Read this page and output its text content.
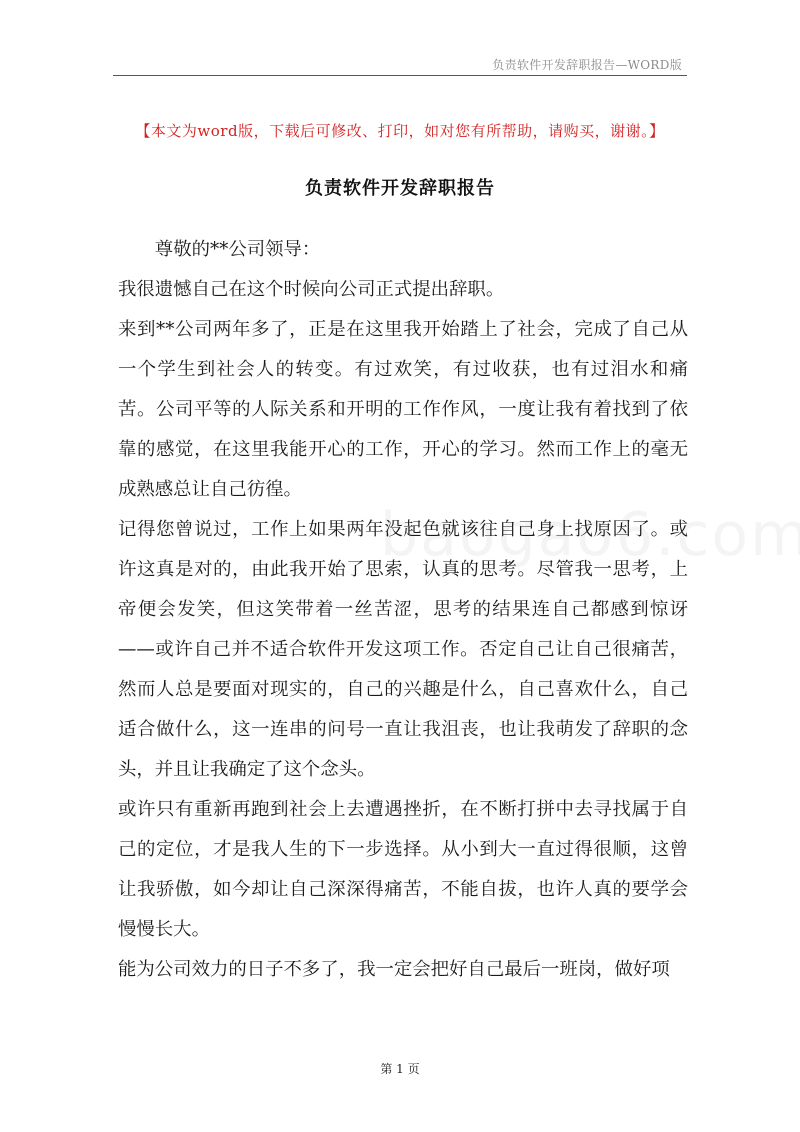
负责软件开发辞职报告—WORD版
【本文为word版，下载后可修改、打印，如对您有所帮助，请购买，谢谢。】
负责软件开发辞职报告

尊敬的**公司领导：

我很遗憾自己在这个时候向公司正式提出辞职。

来到**公司两年多了，正是在这里我开始踏上了社会，完成了自己从一个学生到社会人的转变。有过欢笑，有过收获，也有过泪水和痛苦。公司平等的人际关系和开明的工作作风，一度让我有着找到了依靠的感觉，在这里我能开心的工作，开心的学习。然而工作上的毫无成熟感总让自己彷徨。

记得您曾说过，工作上如果两年没起色就该往自己身上找原因了。或许这真是对的，由此我开始了思索，认真的思考。尽管我一思考，上帝便会发笑，但这笑带着一丝苦涩，思考的结果连自己都感到惊讶——或许自己并不适合软件开发这项工作。否定自己让自己很痛苦，然而人总是要面对现实的，自己的兴趣是什么，自己喜欢什么，自己适合做什么，这一连串的问号一直让我沮丧，也让我萌发了辞职的念头，并且让我确定了这个念头。

或许只有重新再跑到社会上去遭遇挫折，在不断打拼中去寻找属于自己的定位，才是我人生的下一步选择。从小到大一直过得很顺，这曾让我骄傲，如今却让自己深深得痛苦，不能自拔，也许人真的要学会慢慢长大。

能为公司效力的日子不多了，我一定会把好自己最后一班岗，做好项

第 1 页
